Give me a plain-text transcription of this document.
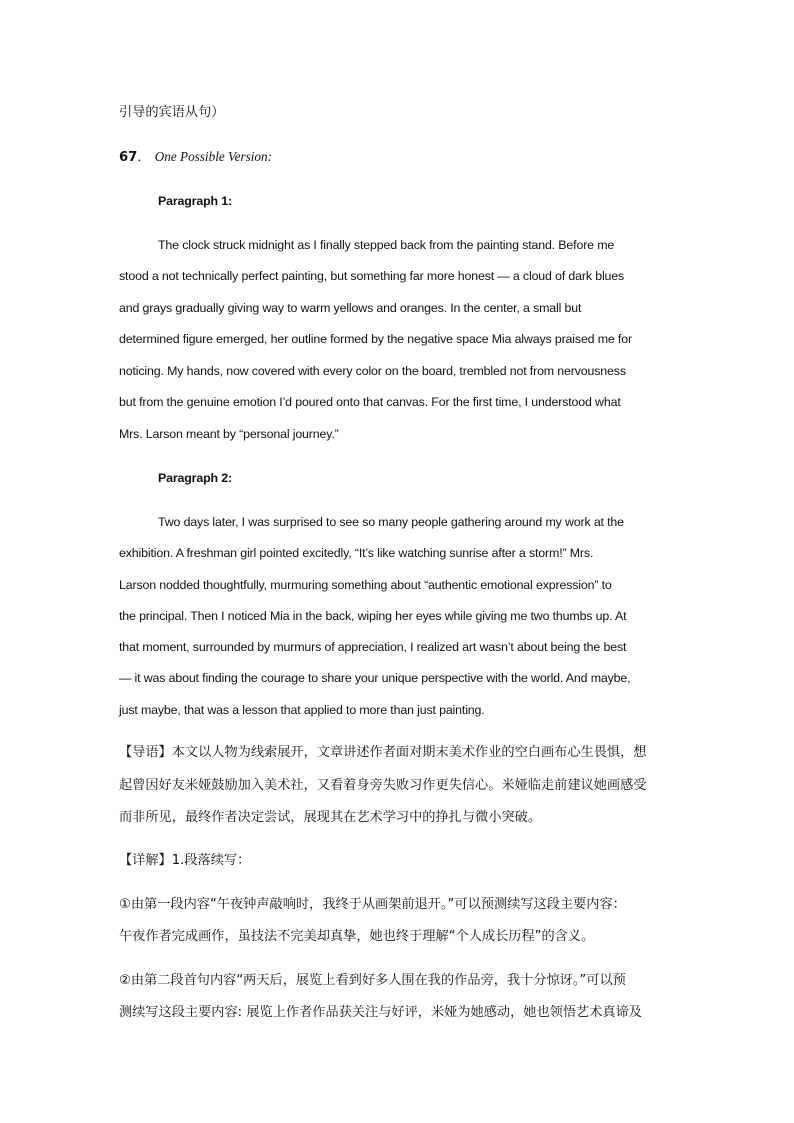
引导的宾语从句）
67． One Possible Version:
Paragraph 1:
The clock struck midnight as I finally stepped back from the painting stand. Before me
stood a not technically perfect painting, but something far more honest — a cloud of dark blues
and grays gradually giving way to warm yellows and oranges. In the center, a small but
determined figure emerged, her outline formed by the negative space Mia always praised me for
noticing. My hands, now covered with every color on the board, trembled not from nervousness
but from the genuine emotion I’d poured onto that canvas. For the first time, I understood what
Mrs. Larson meant by “personal journey.”
Paragraph 2:
Two days later, I was surprised to see so many people gathering around my work at the
exhibition. A freshman girl pointed excitedly, “It’s like watching sunrise after a storm!” Mrs.
Larson nodded thoughtfully, murmuring something about “authentic emotional expression” to
the principal. Then I noticed Mia in the back, wiping her eyes while giving me two thumbs up. At
that moment, surrounded by murmurs of appreciation, I realized art wasn’t about being the best
— it was about finding the courage to share your unique perspective with the world. And maybe,
just maybe, that was a lesson that applied to more than just painting.
【导语】本文以人物为线索展开，文章讲述作者面对期末美术作业的空白画布心生畏惧，想
起曾因好友米娅鼓励加入美术社，又看着身旁失败习作更失信心。米娅临走前建议她画感受
而非所见，最终作者决定尝试，展现其在艺术学习中的挣扎与微小突破。
【详解】1.段落续写：
①由第一段内容“午夜钟声敲响时，我终于从画架前退开。”可以预测续写这段主要内容：
午夜作者完成画作，虽技法不完美却真挚，她也终于理解“个人成长历程”的含义。
②由第二段首句内容“两天后，展览上看到好多人围在我的作品旁，我十分惊讶。”可以预
测续写这段主要内容: 展览上作者作品获关注与好评，米娅为她感动，她也领悟艺术真谛及
